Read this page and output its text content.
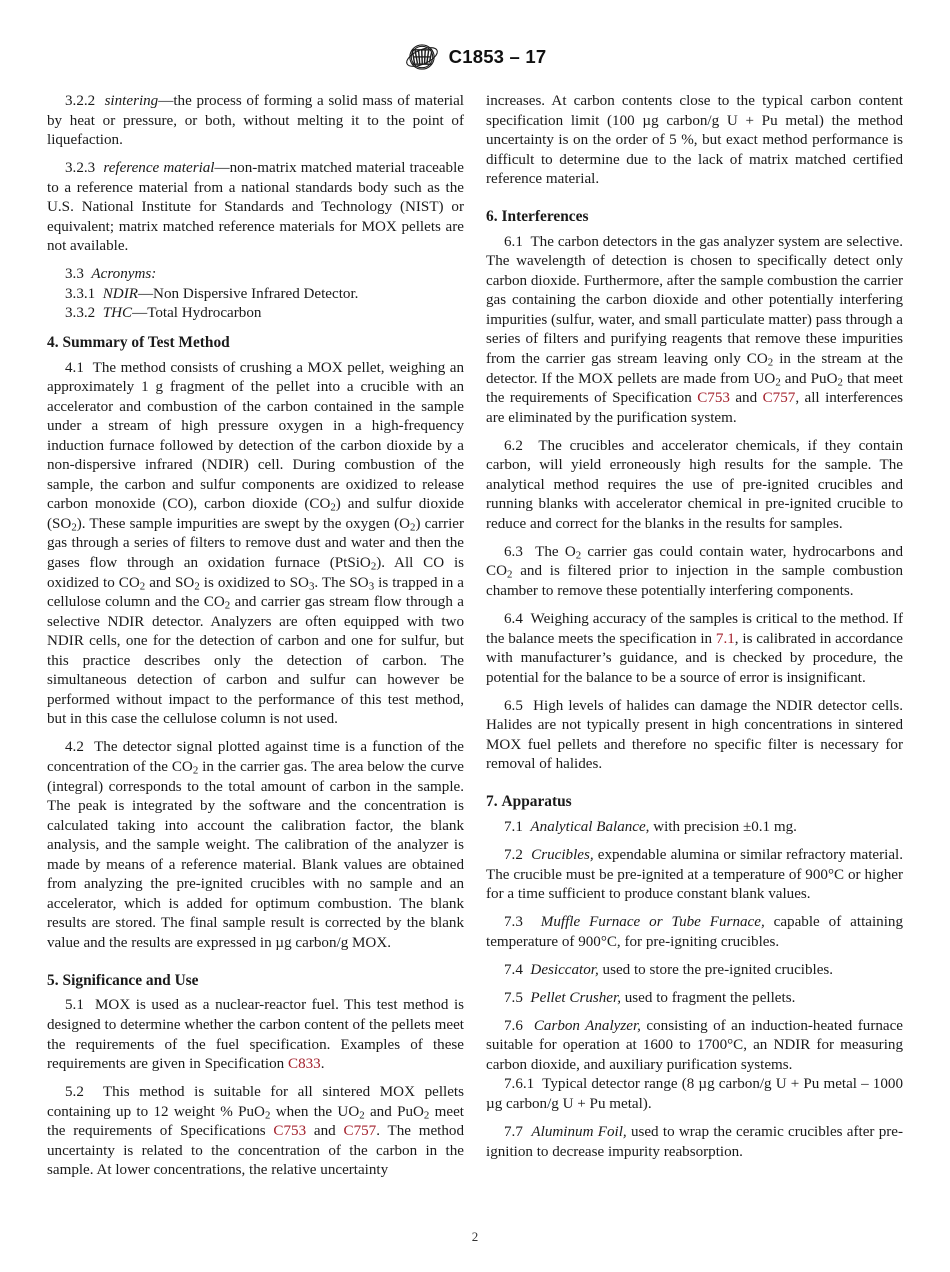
C1853 – 17

3.2.2 sintering—the process of forming a solid mass of material by heat or pressure, or both, without melting it to the point of liquefaction.

3.2.3 reference material—non-matrix matched material traceable to a reference material from a national standards body such as the U.S. National Institute for Standards and Technology (NIST) or equivalent; matrix matched reference materials for MOX pellets are not available.

3.3 Acronyms:

3.3.1 NDIR—Non Dispersive Infrared Detector.

3.3.2 THC—Total Hydrocarbon

4. Summary of Test Method

4.1 The method consists of crushing a MOX pellet, weighing an approximately 1 g fragment of the pellet into a crucible with an accelerator and combustion of the carbon contained in the sample under a stream of high pressure oxygen in a high-frequency induction furnace followed by detection of the carbon dioxide by a non-dispersive infrared (NDIR) cell. During combustion of the sample, the carbon and sulfur components are oxidized to release carbon monoxide (CO), carbon dioxide $(CO_2)$ and sulfur dioxide $(SO_2)$. These sample impurities are swept by the oxygen $(O_2)$ carrier gas through a series of filters to remove dust and water and then the gases flow through an oxidation furnace (PtSiO$_2$). All CO is oxidized to $CO_2$ and $SO_2$ is oxidized to $SO_3$. The $SO_3$ is trapped in a cellulose column and the $CO_2$ and carrier gas stream flow through a selective NDIR detector. Analyzers are often equipped with two NDIR cells, one for the detection of carbon and one for sulfur, but this practice describes only the detection of carbon. The simultaneous detection of carbon and sulfur can however be performed without impact to the performance of this test method, but in this case the cellulose column is not used.

4.2 The detector signal plotted against time is a function of the concentration of the $CO_2$ in the carrier gas. The area below the curve (integral) corresponds to the total amount of carbon in the sample. The peak is integrated by the software and the concentration is calculated taking into account the calibration factor, the blank analysis, and the sample weight. The calibration of the analyzer is made by means of a reference material. Blank values are obtained from analyzing the pre-ignited crucibles with no sample and an accelerator, which is added for optimum combustion. The blank results are stored. The final sample result is corrected by the blank value and the results are expressed in µg carbon/g MOX.

5. Significance and Use

5.1 MOX is used as a nuclear-reactor fuel. This test method is designed to determine whether the carbon content of the pellets meet the requirements of the fuel specification. Examples of these requirements are given in Specification C833.

5.2 This method is suitable for all sintered MOX pellets containing up to 12 weight % PuO$_2$ when the $UO_2$ and PuO$_2$ meet the requirements of Specifications C753 and C757. The method uncertainty is related to the concentration of the carbon in the sample. At lower concentrations, the relative uncertainty

increases. At carbon contents close to the typical carbon content specification limit (100 µg carbon/g U + Pu metal) the method uncertainty is on the order of 5 %, but exact method performance is difficult to determine due to the lack of matrix matched certified reference material.

6. Interferences

6.1 The carbon detectors in the gas analyzer system are selective. The wavelength of detection is chosen to specifically detect only carbon dioxide. Furthermore, after the sample combustion the carrier gas containing the carbon dioxide and other potentially interfering impurities (sulfur, water, and small particulate matter) pass through a series of filters and purifying reagents that remove these impurities from the carrier gas stream leaving only $CO_2$ in the stream at the detector. If the MOX pellets are made from $UO_2$ and PuO$_2$ that meet the requirements of Specification C753 and C757, all interferences are eliminated by the purification system.

6.2 The crucibles and accelerator chemicals, if they contain carbon, will yield erroneously high results for the sample. The analytical method requires the use of pre-ignited crucibles and running blanks with accelerator chemical in pre-ignited crucible to reduce and correct for the blanks in the results for samples.

6.3 The $O_2$ carrier gas could contain water, hydrocarbons and $CO_2$ and is filtered prior to injection in the sample combustion chamber to remove these potentially interfering components.

6.4 Weighing accuracy of the samples is critical to the method. If the balance meets the specification in 7.1, is calibrated in accordance with manufacturer’s guidance, and is checked by procedure, the potential for the balance to be a source of error is insignificant.

6.5 High levels of halides can damage the NDIR detector cells. Halides are not typically present in high concentrations in sintered MOX fuel pellets and therefore no specific filter is necessary for removal of halides.

7. Apparatus

7.1 Analytical Balance, with precision ±0.1 mg.

7.2 Crucibles, expendable alumina or similar refractory material. The crucible must be pre-ignited at a temperature of 900°C or higher for a time sufficient to produce constant blank values.

7.3 Muffle Furnace or Tube Furnace, capable of attaining temperature of 900°C, for pre-igniting crucibles.

7.4 Desiccator, used to store the pre-ignited crucibles.

7.5 Pellet Crusher, used to fragment the pellets.

7.6 Carbon Analyzer, consisting of an induction-heated furnace suitable for operation at 1600 to 1700°C, an NDIR for measuring carbon dioxide, and auxiliary purification systems.

7.6.1 Typical detector range (8 µg carbon/g U + Pu metal – 1000 µg carbon/g U + Pu metal).

7.7 Aluminum Foil, used to wrap the ceramic crucibles after pre-ignition to decrease impurity reabsorption.

2
